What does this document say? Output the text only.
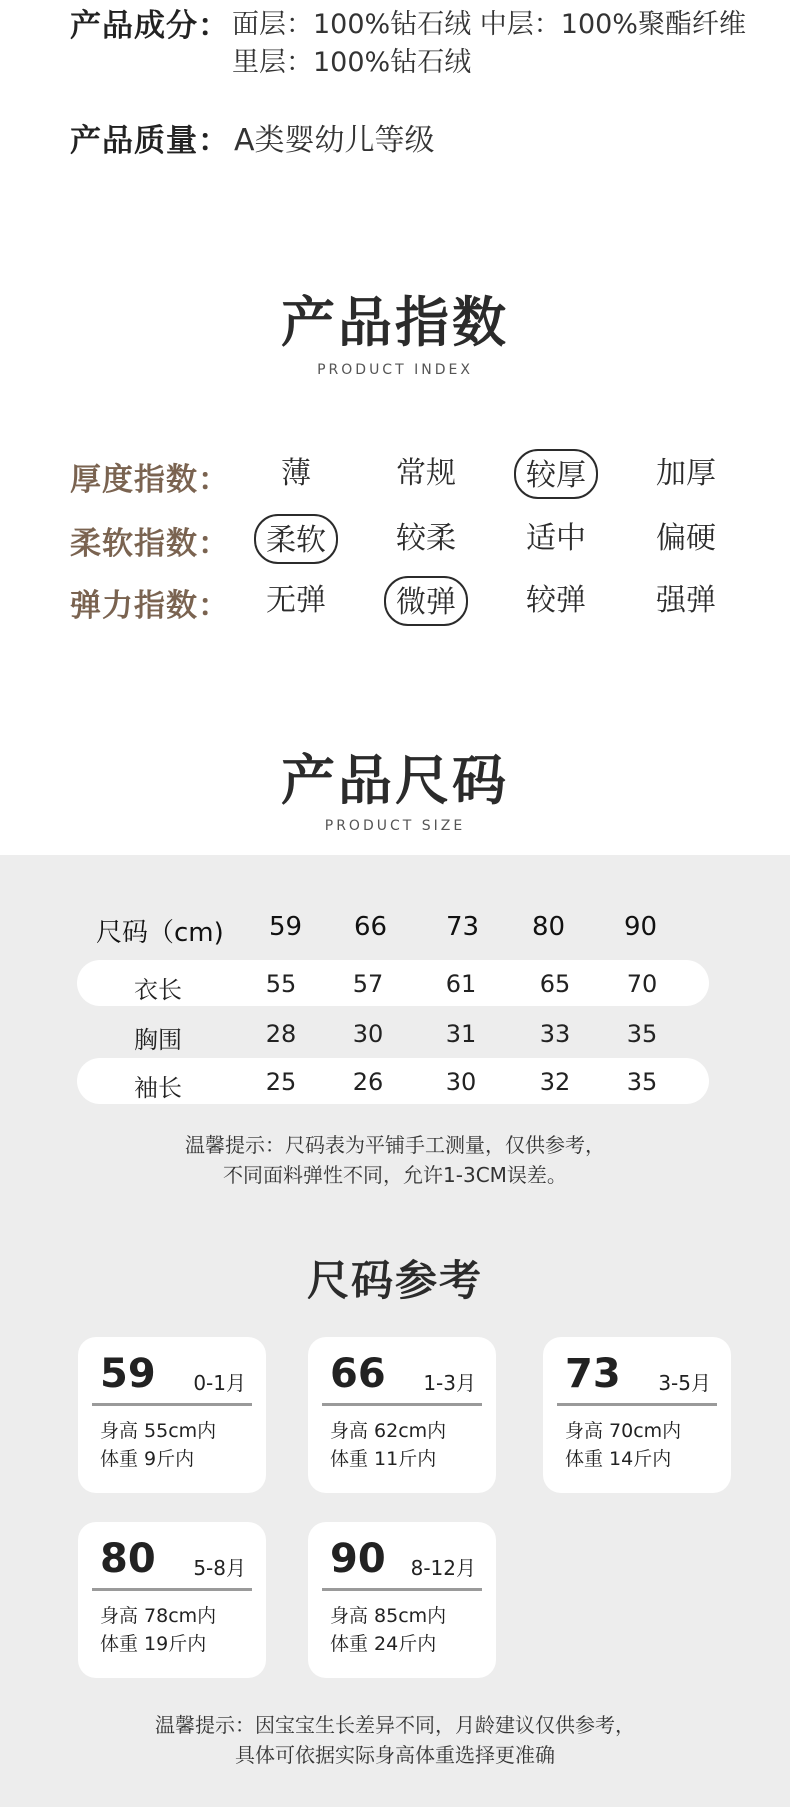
产品成分： 面层：100%钻石绒 中层：100%聚酯纤维
里层：100%钻石绒
产品质量： A类婴幼儿等级
产品指数
PRODUCT INDEX
厚度指数：	薄	常规	较厚	加厚
柔软指数：	柔软	较柔	适中	偏硬
弹力指数：	无弹	微弹	较弹	强弹
产品尺码
PRODUCT SIZE
尺码（cm) 59 66 73 80 90
衣长	55	57	61	65	70
胸围	28	30	31	33	35
袖长	25	26	30	32	35
温馨提示：尺码表为平铺手工测量，仅供参考，
不同面料弹性不同，允许1-3CM误差。
尺码参考
59 0-1月
身高 55cm内
体重 9斤内
66 1-3月
身高 62cm内
体重 11斤内
73 3-5月
身高 70cm内
体重 14斤内
80 5-8月
身高 78cm内
体重 19斤内
90 8-12月
身高 85cm内
体重 24斤内
温馨提示：因宝宝生长差异不同，月龄建议仅供参考，
具体可依据实际身高体重选择更准确
